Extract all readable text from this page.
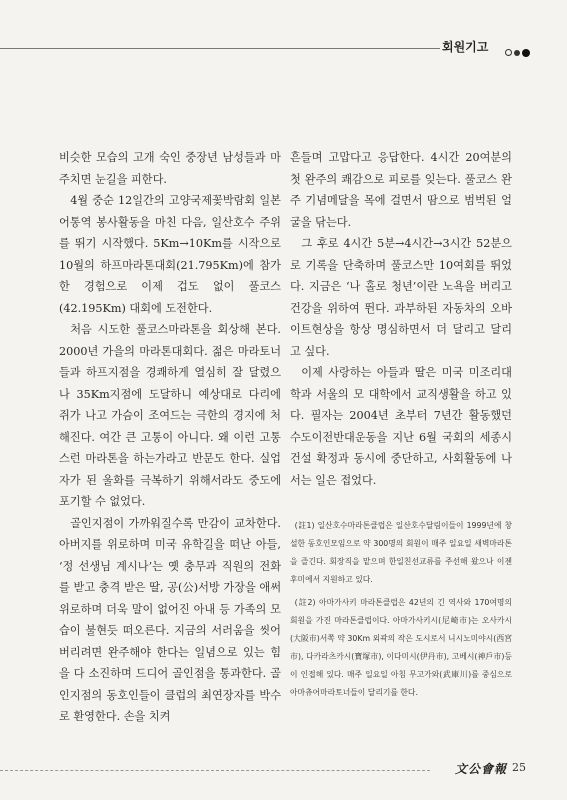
회원기고

비슷한 모습의 고개 숙인 중장년 남성들과 마주치면 눈길을 피한다.

4월 중순 12일간의 고양국제꽃박람회 일본 어통역 봉사활동을 마친 다음, 일산호수 주위를 뛰기 시작했다. 5Km→10Km를 시작으로 10월의 하프마라톤대회(21.795Km)에 참가한 경험으로 이제 겁도 없이 풀코스(42.195Km) 대회에 도전한다.

처음 시도한 풀코스마라톤을 회상해 본다. 2000년 가을의 마라톤대회다. 젊은 마라토너들과 하프지점을 경쾌하게 열심히 잘 달렸으나 35Km지점에 도달하니 예상대로 다리에 쥐가 나고 가슴이 조여드는 극한의 경지에 처해진다. 여간 큰 고통이 아니다. 왜 이런 고통스런 마라톤을 하는가라고 반문도 한다. 실업자가 된 울화를 극복하기 위해서라도 중도에 포기할 수 없었다.

골인지점이 가까워질수록 만감이 교차한다. 아버지를 위로하며 미국 유학길을 떠난 아들, ‘정 선생님 계시나’는 옛 충무과 직원의 전화를 받고 충격 받은 딸, 공(公)서방 가장을 애써 위로하며 더욱 말이 없어진 아내 등 가족의 모습이 불현듯 떠오른다. 지금의 서러움을 씻어 버리려면 완주해야 한다는 일념으로 있는 힘을 다 소진하며 드디어 골인점을 통과한다. 골인지점의 동호인들이 클럽의 최연장자를 박수로 환영한다. 손을 치켜

흔들며 고맙다고 응답한다. 4시간 20여분의 첫 완주의 쾌감으로 피로를 잊는다. 풀코스 완주 기념메달을 목에 걸면서 땀으로 범벅된 얼굴을 닦는다.

그 후로 4시간 5분→4시간→3시간 52분으로 기록을 단축하며 풀코스만 10여회를 뛰었다. 지금은 ‘나 홀로 청년’이란 노욕을 버리고 건강을 위하여 뛴다. 과부하된 자동차의 오바이트현상을 항상 명심하면서 더 달리고 달리고 싶다.

이제 사랑하는 아들과 딸은 미국 미조리대학과 서울의 모 대학에서 교직생활을 하고 있다. 필자는 2004년 초부터 7년간 활동했던 수도이전반대운동을 지난 6월 국회의 세종시건설 확정과 동시에 중단하고, 사회활동에 나서는 일은 접었다.

(註1) 일산호수마라톤클럽은 일산호수달림이들이 1999년에 창설한 동호인모임으로 약 300명의 회원이 매주 일요일 새벽마라톤을 즐긴다. 회장직을 맡으며 한일친선교류를 주선해 왔으나 이젠 후미에서 지원하고 있다.

(註2) 아마가사키 마라톤클럽은 42년의 긴 역사와 170여명의 회원을 가진 마라톤클럽이다. 아마가사키시(尼崎市)는 오사카시(大阪市)서쪽 약 30Km 외곽의 작은 도시로서 니시노미야시(西宮市), 다카라츠카시(寶塚市), 이다미시(伊丹市), 고베시(神戶市)등이 인접해 있다. 매주 일요일 아침 무고가와(武庫川)를 중심으로 아마츄어마라토너들이 달리기를 한다.

文公會報 25
